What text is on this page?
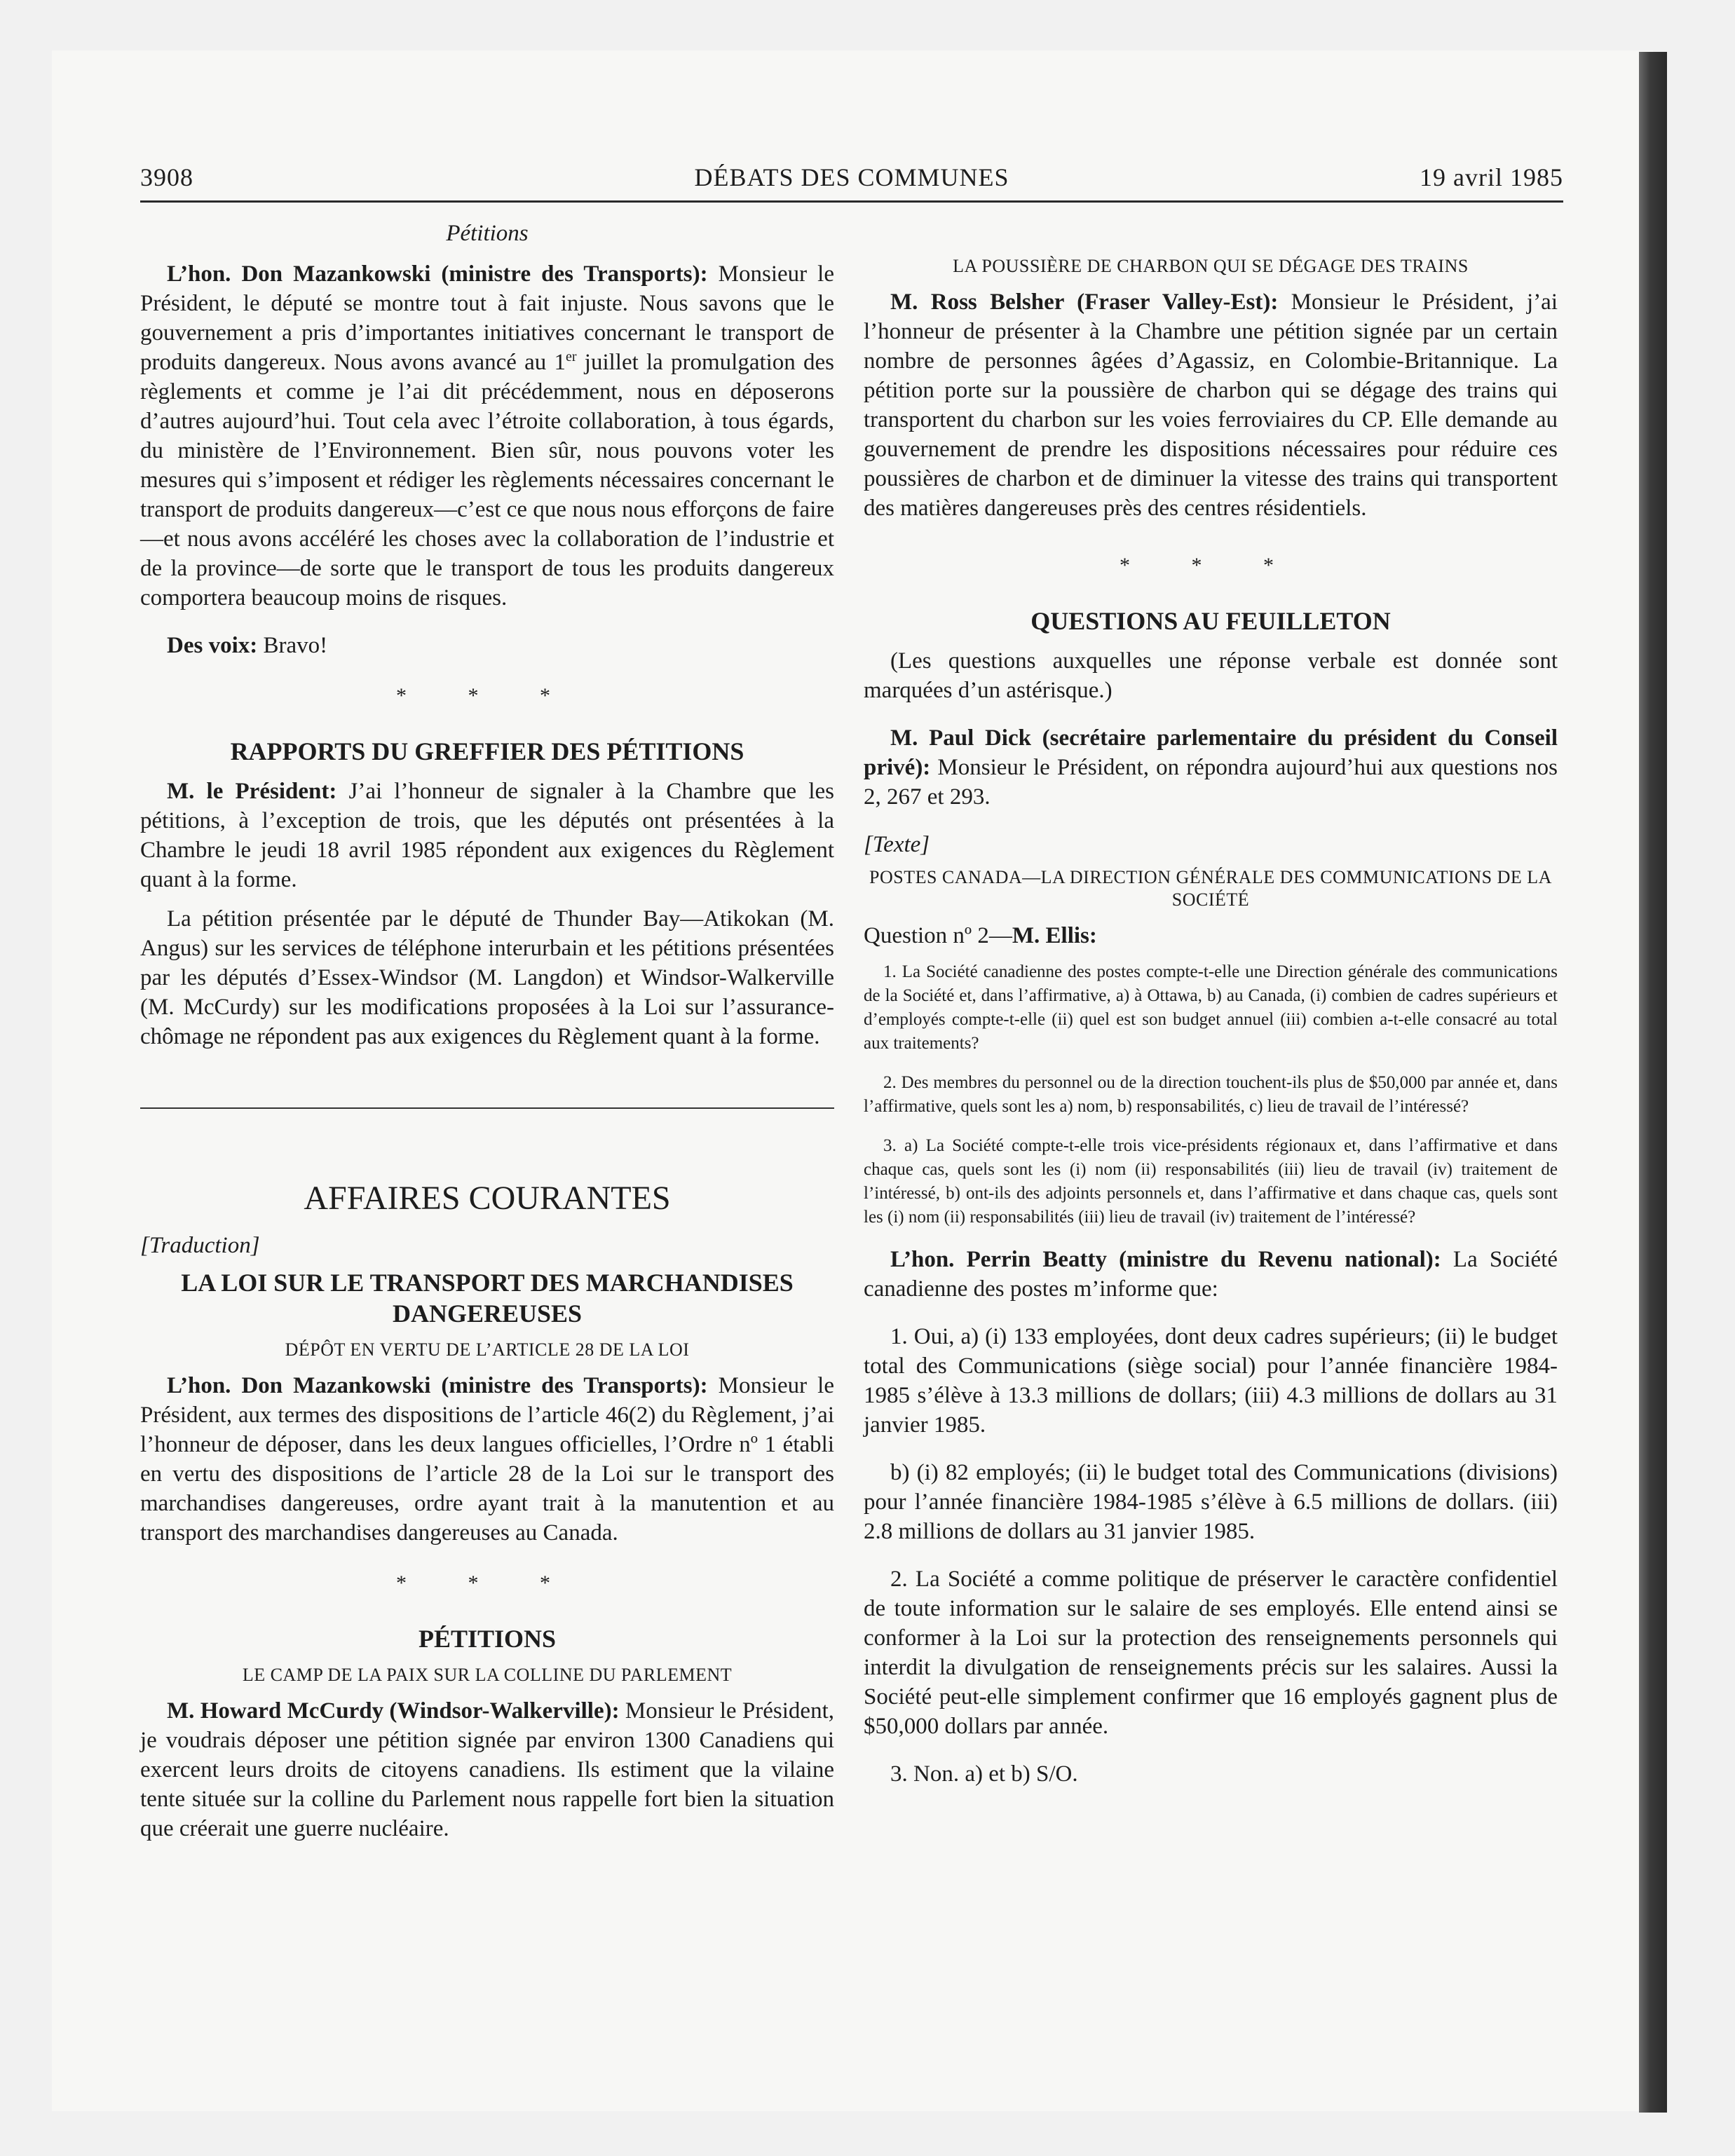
3908	DÉBATS DES COMMUNES	19 avril 1985

Pétitions

L’hon. Don Mazankowski (ministre des Transports): Monsieur le Président, le député se montre tout à fait injuste. Nous savons que le gouvernement a pris d’importantes initiatives concernant le transport de produits dangereux. Nous avons avancé au 1er juillet la promulgation des règlements et comme je l’ai dit précédemment, nous en déposerons d’autres aujourd’hui. Tout cela avec l’étroite collaboration, à tous égards, du ministère de l’Environnement. Bien sûr, nous pouvons voter les mesures qui s’imposent et rédiger les règlements nécessaires concernant le transport de produits dangereux—c’est ce que nous nous efforçons de faire—et nous avons accéléré les choses avec la collaboration de l’industrie et de la province—de sorte que le transport de tous les produits dangereux comportera beaucoup moins de risques.

Des voix: Bravo!

* * *

RAPPORTS DU GREFFIER DES PÉTITIONS

M. le Président: J’ai l’honneur de signaler à la Chambre que les pétitions, à l’exception de trois, que les députés ont présentées à la Chambre le jeudi 18 avril 1985 répondent aux exigences du Règlement quant à la forme.

La pétition présentée par le député de Thunder Bay—Atikokan (M. Angus) sur les services de téléphone interurbain et les pétitions présentées par les députés d’Essex-Windsor (M. Langdon) et Windsor-Walkerville (M. McCurdy) sur les modifications proposées à la Loi sur l’assurance-chômage ne répondent pas aux exigences du Règlement quant à la forme.

AFFAIRES COURANTES

[Traduction]

LA LOI SUR LE TRANSPORT DES MARCHANDISES DANGEREUSES

DÉPÔT EN VERTU DE L’ARTICLE 28 DE LA LOI

L’hon. Don Mazankowski (ministre des Transports): Monsieur le Président, aux termes des dispositions de l’article 46(2) du Règlement, j’ai l’honneur de déposer, dans les deux langues officielles, l’Ordre nº 1 établi en vertu des dispositions de l’article 28 de la Loi sur le transport des marchandises dangereuses, ordre ayant trait à la manutention et au transport des marchandises dangereuses au Canada.

* * *

PÉTITIONS

LE CAMP DE LA PAIX SUR LA COLLINE DU PARLEMENT

M. Howard McCurdy (Windsor-Walkerville): Monsieur le Président, je voudrais déposer une pétition signée par environ 1300 Canadiens qui exercent leurs droits de citoyens canadiens. Ils estiment que la vilaine tente située sur la colline du Parlement nous rappelle fort bien la situation que créerait une guerre nucléaire.

LA POUSSIÈRE DE CHARBON QUI SE DÉGAGE DES TRAINS

M. Ross Belsher (Fraser Valley-Est): Monsieur le Président, j’ai l’honneur de présenter à la Chambre une pétition signée par un certain nombre de personnes âgées d’Agassiz, en Colombie-Britannique. La pétition porte sur la poussière de charbon qui se dégage des trains qui transportent du charbon sur les voies ferroviaires du CP. Elle demande au gouvernement de prendre les dispositions nécessaires pour réduire ces poussières de charbon et de diminuer la vitesse des trains qui transportent des matières dangereuses près des centres résidentiels.

* * *

QUESTIONS AU FEUILLETON

(Les questions auxquelles une réponse verbale est donnée sont marquées d’un astérisque.)

M. Paul Dick (secrétaire parlementaire du président du Conseil privé): Monsieur le Président, on répondra aujourd’hui aux questions nos 2, 267 et 293.

[Texte]

POSTES CANADA—LA DIRECTION GÉNÉRALE DES COMMUNICATIONS DE LA SOCIÉTÉ

Question nº 2—M. Ellis:

1. La Société canadienne des postes compte-t-elle une Direction générale des communications de la Société et, dans l’affirmative, a) à Ottawa, b) au Canada, (i) combien de cadres supérieurs et d’employés compte-t-elle (ii) quel est son budget annuel (iii) combien a-t-elle consacré au total aux traitements?

2. Des membres du personnel ou de la direction touchent-ils plus de $50,000 par année et, dans l’affirmative, quels sont les a) nom, b) responsabilités, c) lieu de travail de l’intéressé?

3. a) La Société compte-t-elle trois vice-présidents régionaux et, dans l’affirmative et dans chaque cas, quels sont les (i) nom (ii) responsabilités (iii) lieu de travail (iv) traitement de l’intéressé, b) ont-ils des adjoints personnels et, dans l’affirmative et dans chaque cas, quels sont les (i) nom (ii) responsabilités (iii) lieu de travail (iv) traitement de l’intéressé?

L’hon. Perrin Beatty (ministre du Revenu national): La Société canadienne des postes m’informe que:

1. Oui, a) (i) 133 employées, dont deux cadres supérieurs; (ii) le budget total des Communications (siège social) pour l’année financière 1984-1985 s’élève à 13.3 millions de dollars; (iii) 4.3 millions de dollars au 31 janvier 1985.

b) (i) 82 employés; (ii) le budget total des Communications (divisions) pour l’année financière 1984-1985 s’élève à 6.5 millions de dollars. (iii) 2.8 millions de dollars au 31 janvier 1985.

2. La Société a comme politique de préserver le caractère confidentiel de toute information sur le salaire de ses employés. Elle entend ainsi se conformer à la Loi sur la protection des renseignements personnels qui interdit la divulgation de renseignements précis sur les salaires. Aussi la Société peut-elle simplement confirmer que 16 employés gagnent plus de $50,000 dollars par année.

3. Non. a) et b) S/O.
